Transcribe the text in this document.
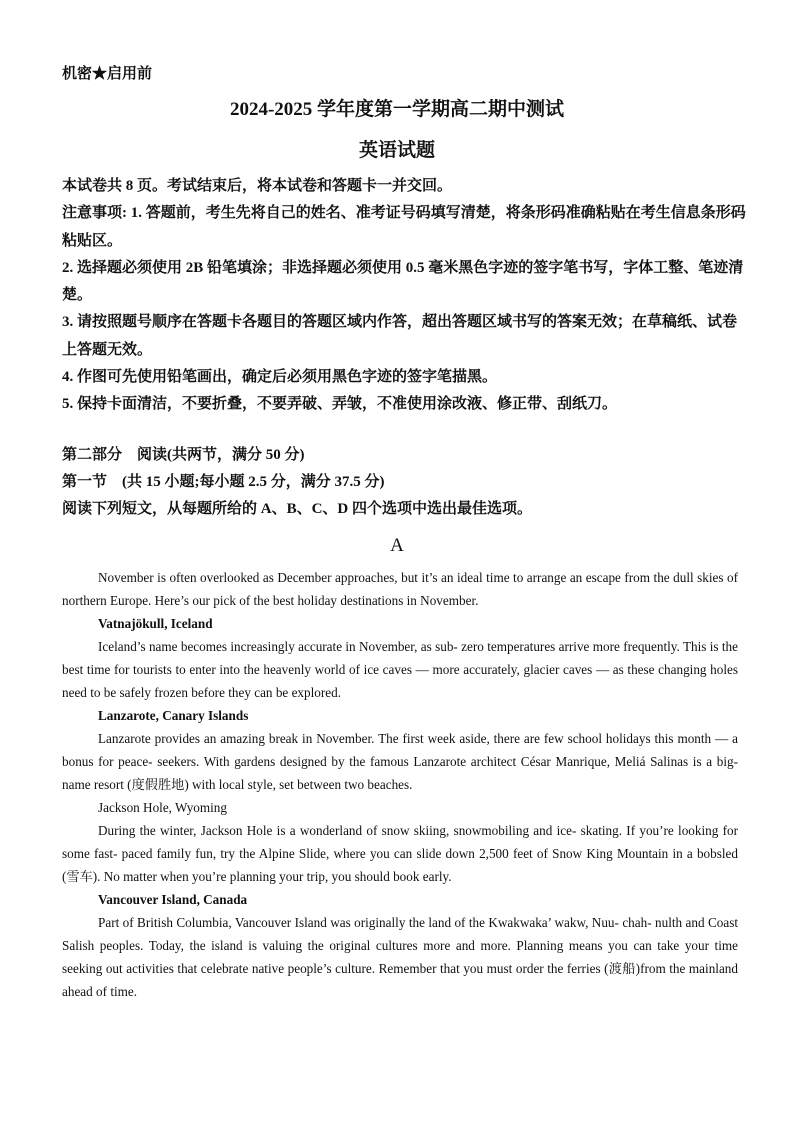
机密★启用前
2024-2025 学年度第一学期高二期中测试
英语试题

本试卷共 8 页。考试结束后，将本试卷和答题卡一并交回。

注意事项: 1. 答题前，考生先将自己的姓名、准考证号码填写清楚，将条形码准确粘贴在考生信息条形码粘贴区。

2. 选择题必须使用 2B 铅笔填涂；非选择题必须使用 0.5 毫米黑色字迹的签字笔书写，字体工整、笔迹清楚。

3. 请按照题号顺序在答题卡各题目的答题区域内作答，超出答题区域书写的答案无效；在草稿纸、试卷上答题无效。

4. 作图可先使用铅笔画出，确定后必须用黑色字迹的签字笔描黑。

5. 保持卡面清洁，不要折叠，不要弄破、弄皱，不准使用涂改液、修正带、刮纸刀。

第二部分　阅读(共两节，满分 50 分)

第一节　(共 15 小题;每小题 2.5 分，满分 37.5 分)

阅读下列短文，从每题所给的 A、B、C、D 四个选项中选出最佳选项。

A

November is often overlooked as December approaches, but it’s an ideal time to arrange an escape from the dull skies of northern Europe. Here’s our pick of the best holiday destinations in November.

Vatnajökull, Iceland

Iceland’s name becomes increasingly accurate in November, as sub- zero temperatures arrive more frequently. This is the best time for tourists to enter into the heavenly world of ice caves — more accurately, glacier caves — as these changing holes need to be safely frozen before they can be explored.

Lanzarote, Canary Islands

Lanzarote provides an amazing break in November. The first week aside, there are few school holidays this month — a bonus for peace- seekers. With gardens designed by the famous Lanzarote architect César Manrique, Meliá Salinas is a big- name resort (度假胜地) with local style, set between two beaches.

Jackson Hole, Wyoming

During the winter, Jackson Hole is a wonderland of snow skiing, snowmobiling and ice- skating. If you’re looking for some fast- paced family fun, try the Alpine Slide, where you can slide down 2,500 feet of Snow King Mountain in a bobsled (雪车). No matter when you’re planning your trip, you should book early.

Vancouver Island, Canada

Part of British Columbia, Vancouver Island was originally the land of the Kwakwaka’ wakw, Nuu- chah- nulth and Coast Salish peoples. Today, the island is valuing the original cultures more and more. Planning means you can take your time seeking out activities that celebrate native people’s culture. Remember that you must order the ferries (渡船)from the mainland ahead of time.
